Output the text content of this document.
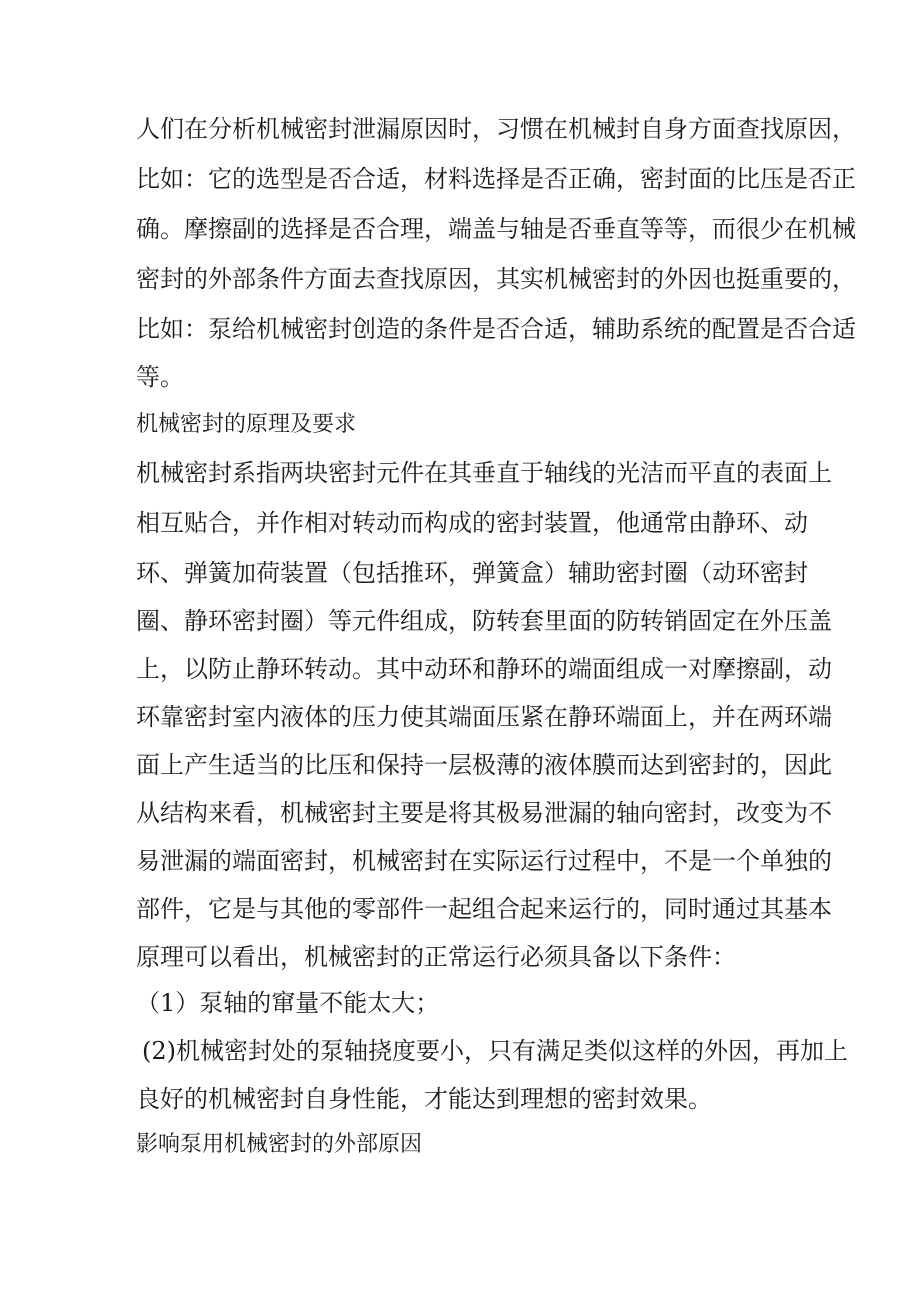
人们在分析机械密封泄漏原因时，习惯在机械封自身方面查找原因，

比如：它的选型是否合适，材料选择是否正确，密封面的比压是否正

确。摩擦副的选择是否合理，端盖与轴是否垂直等等，而很少在机械

密封的外部条件方面去查找原因，其实机械密封的外因也挺重要的，

比如：泵给机械密封创造的条件是否合适，辅助系统的配置是否合适

等。

机械密封的原理及要求

机械密封系指两块密封元件在其垂直于轴线的光洁而平直的表面上

相互贴合，并作相对转动而构成的密封装置，他通常由静环、动

环、弹簧加荷装置（包括推环，弹簧盒）辅助密封圈（动环密封

圈、静环密封圈）等元件组成，防转套里面的防转销固定在外压盖

上，以防止静环转动。其中动环和静环的端面组成一对摩擦副，动

环靠密封室内液体的压力使其端面压紧在静环端面上，并在两环端

面上产生适当的比压和保持一层极薄的液体膜而达到密封的，因此

从结构来看，机械密封主要是将其极易泄漏的轴向密封，改变为不

易泄漏的端面密封，机械密封在实际运行过程中，不是一个单独的

部件，它是与其他的零部件一起组合起来运行的，同时通过其基本

原理可以看出，机械密封的正常运行必须具备以下条件：

（1）泵轴的窜量不能太大；

(2)机械密封处的泵轴挠度要小，只有满足类似这样的外因，再加上

良好的机械密封自身性能，才能达到理想的密封效果。

影响泵用机械密封的外部原因
